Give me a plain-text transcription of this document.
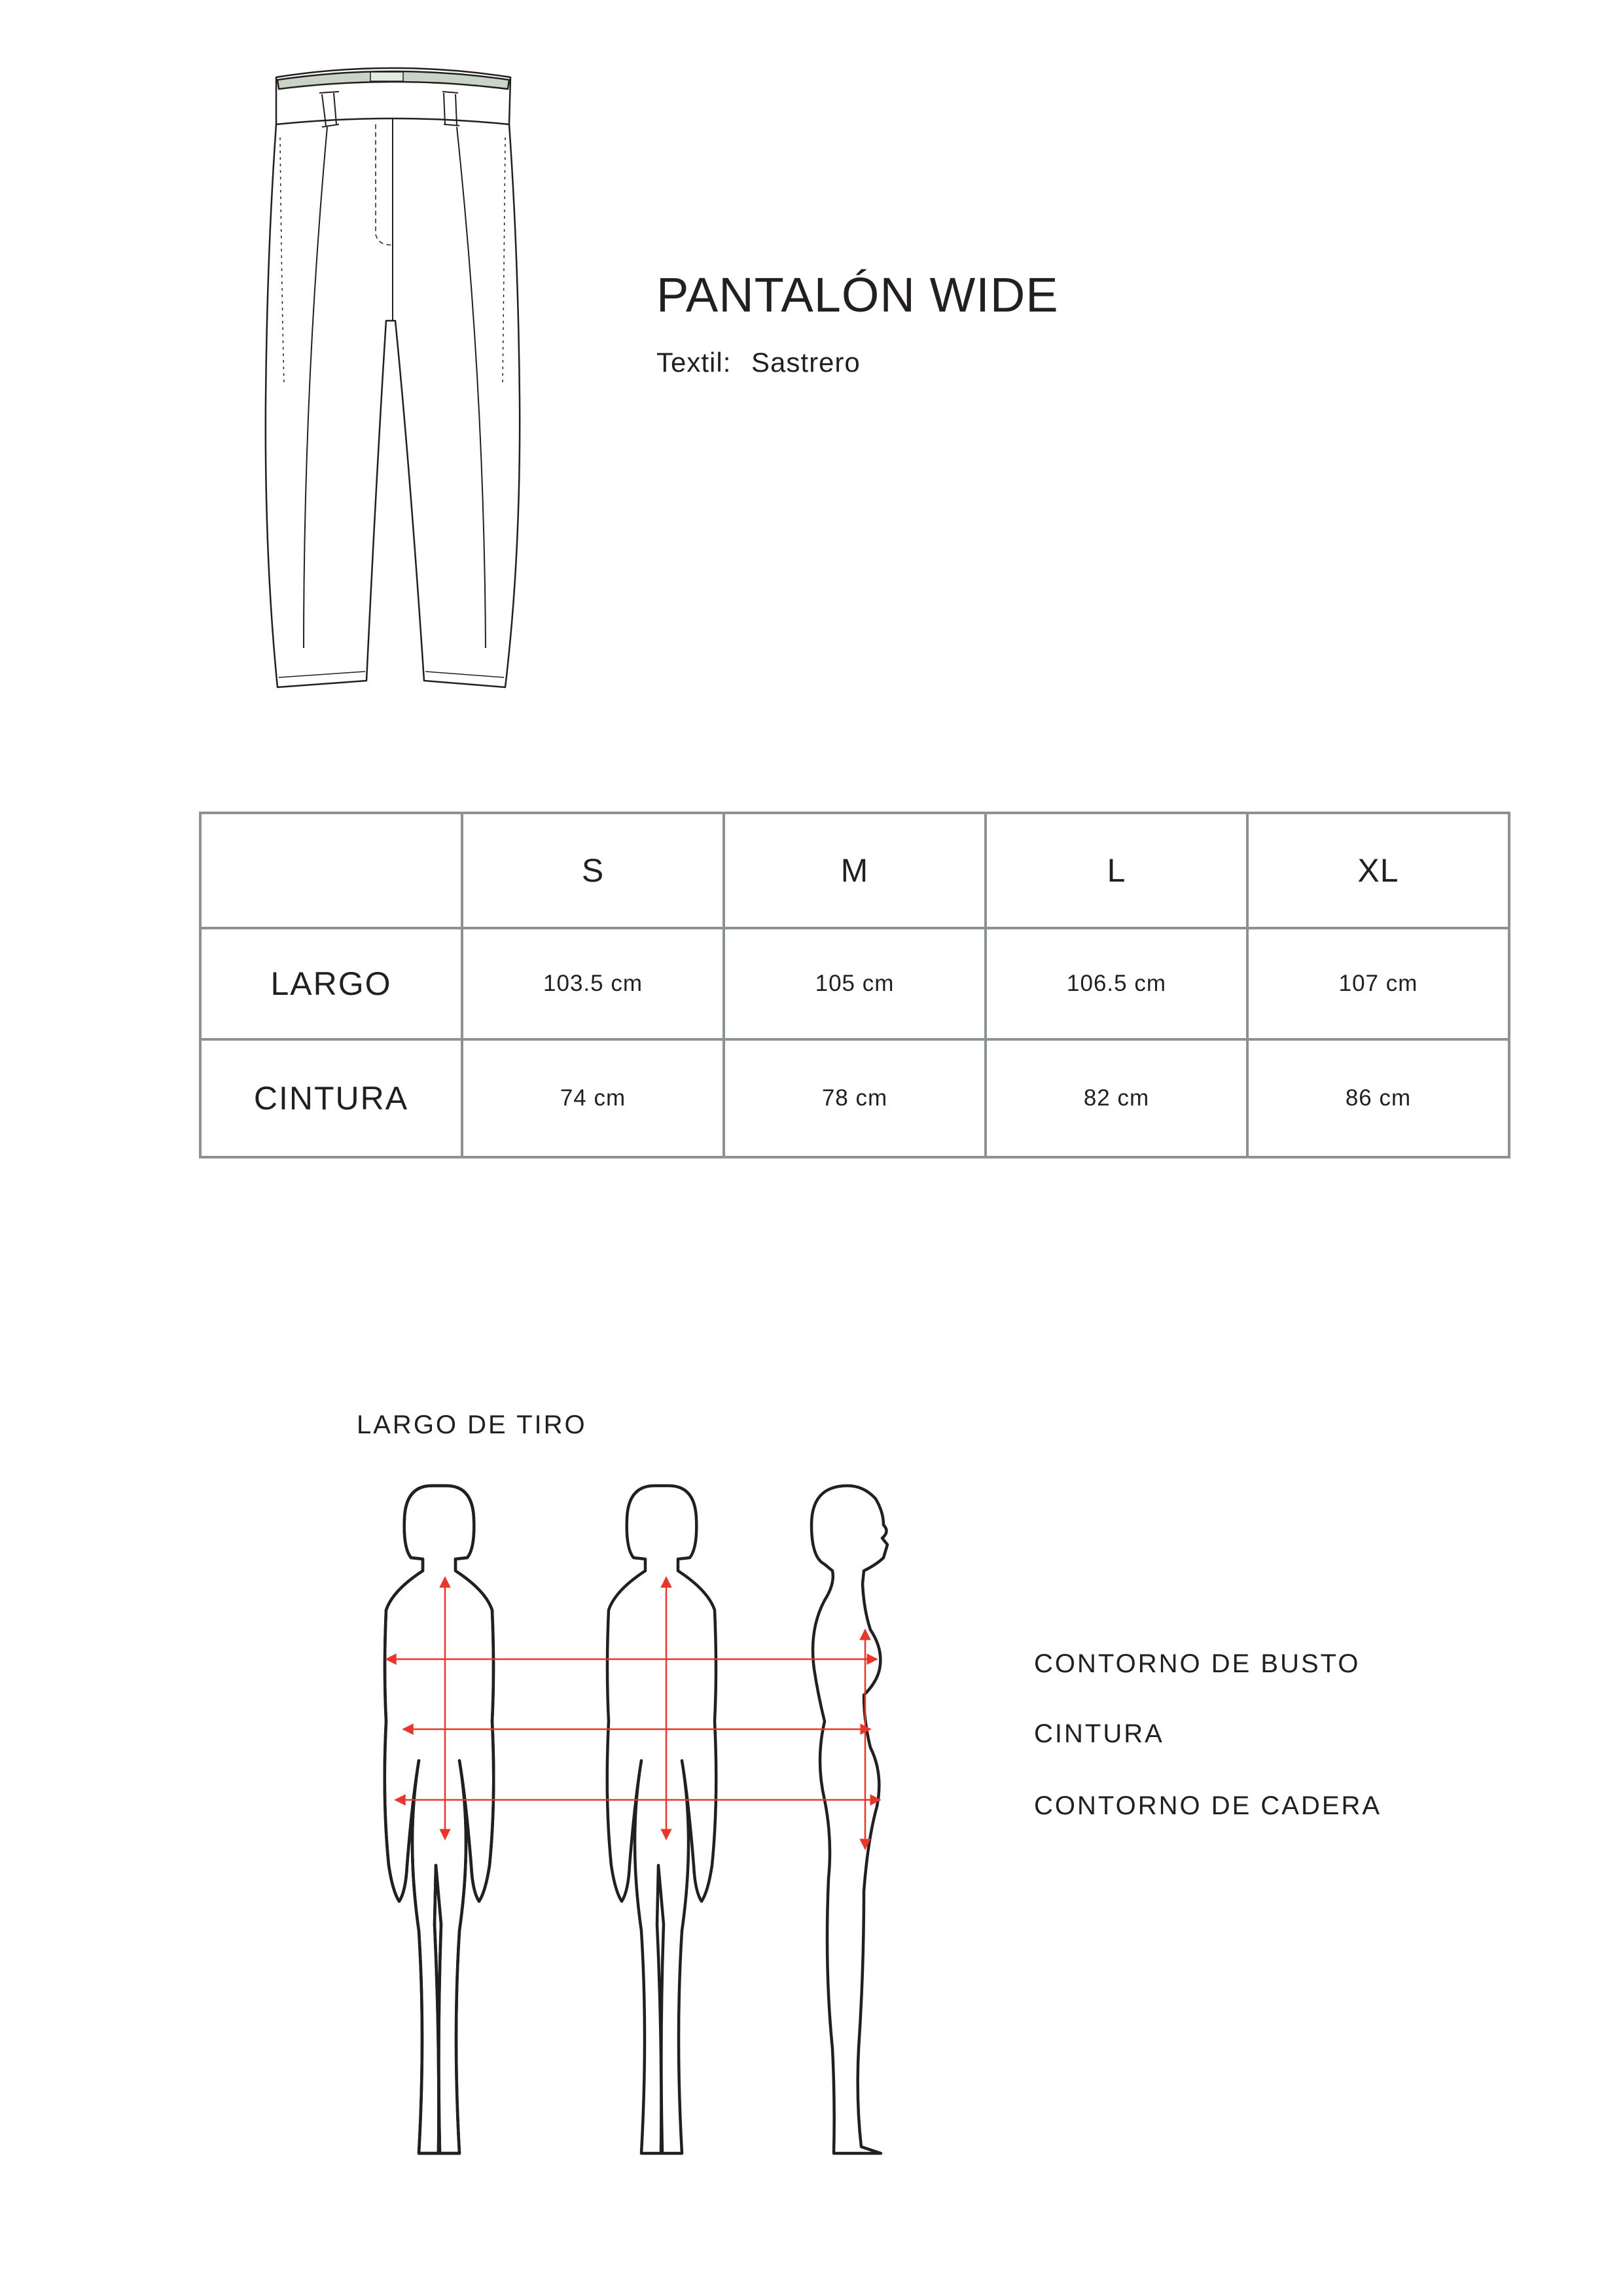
PANTALÓN WIDE
Textil: Sastrero
	S	M	L	XL
LARGO	103.5 cm	105 cm	106.5 cm	107 cm
CINTURA	74 cm	78 cm	82 cm	86 cm
LARGO DE TIRO
CONTORNO DE BUSTO
CINTURA
CONTORNO DE CADERA
